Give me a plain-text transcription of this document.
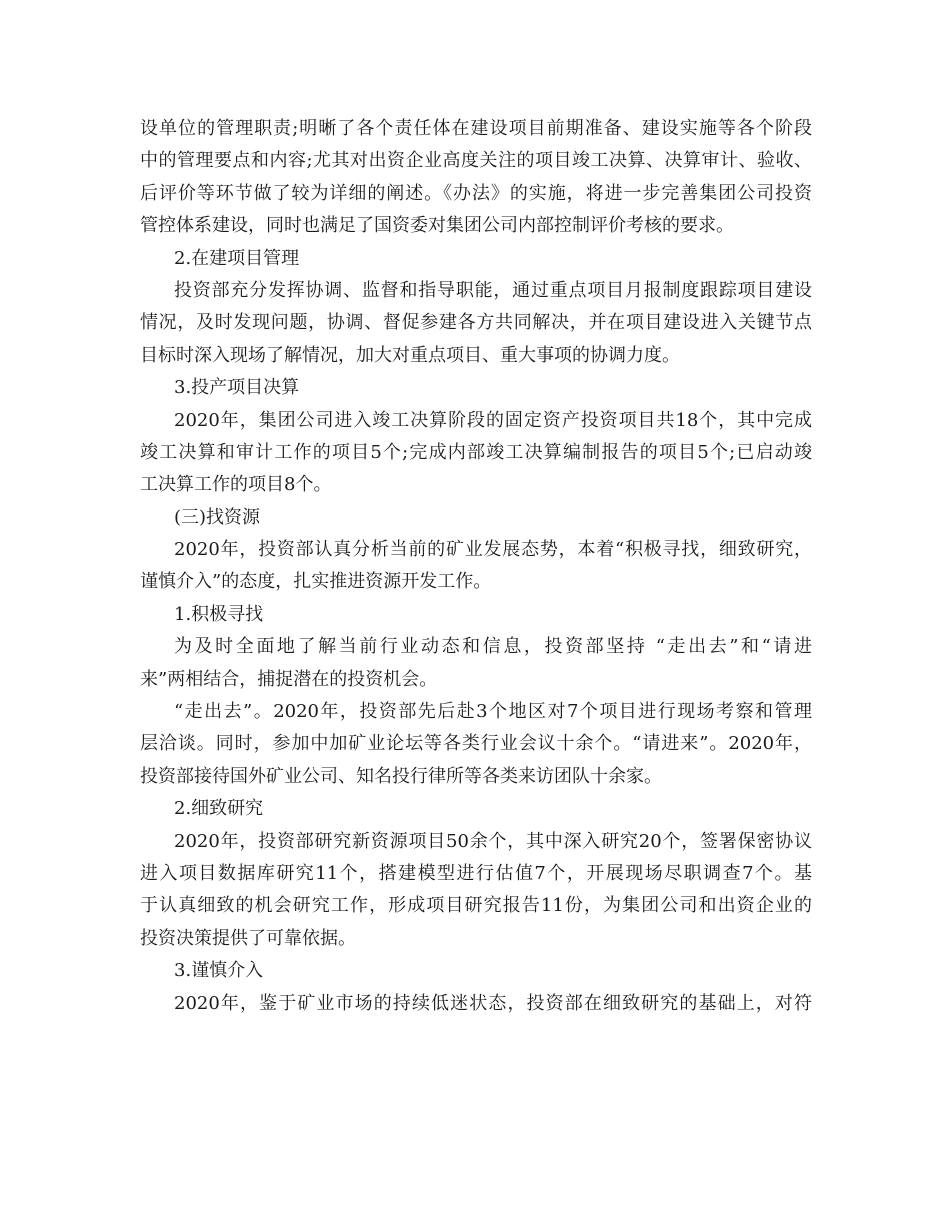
设单位的管理职责;明晰了各个责任体在建设项目前期准备、建设实施等各个阶段
中的管理要点和内容;尤其对出资企业高度关注的项目竣工决算、决算审计、验收、
后评价等环节做了较为详细的阐述。《办法》的实施，将进一步完善集团公司投资
管控体系建设，同时也满足了国资委对集团公司内部控制评价考核的要求。
2.在建项目管理
投资部充分发挥协调、监督和指导职能，通过重点项目月报制度跟踪项目建设
情况，及时发现问题，协调、督促参建各方共同解决，并在项目建设进入关键节点
目标时深入现场了解情况，加大对重点项目、重大事项的协调力度。
3.投产项目决算
2020年，集团公司进入竣工决算阶段的固定资产投资项目共18个，其中完成
竣工决算和审计工作的项目5个;完成内部竣工决算编制报告的项目5个;已启动竣
工决算工作的项目8个。
(三)找资源
2020年，投资部认真分析当前的矿业发展态势，本着“积极寻找，细致研究，
谨慎介入”的态度，扎实推进资源开发工作。
1.积极寻找
为及时全面地了解当前行业动态和信息，投资部坚持 “走出去”和“请进
来”两相结合，捕捉潜在的投资机会。
“走出去”。2020年，投资部先后赴3个地区对7个项目进行现场考察和管理
层洽谈。同时，参加中加矿业论坛等各类行业会议十余个。“请进来”。2020年，
投资部接待国外矿业公司、知名投行律所等各类来访团队十余家。
2.细致研究
2020年，投资部研究新资源项目50余个，其中深入研究20个，签署保密协议
进入项目数据库研究11个，搭建模型进行估值7个，开展现场尽职调查7个。基
于认真细致的机会研究工作，形成项目研究报告11份，为集团公司和出资企业的
投资决策提供了可靠依据。
3.谨慎介入
2020年，鉴于矿业市场的持续低迷状态，投资部在细致研究的基础上，对符
